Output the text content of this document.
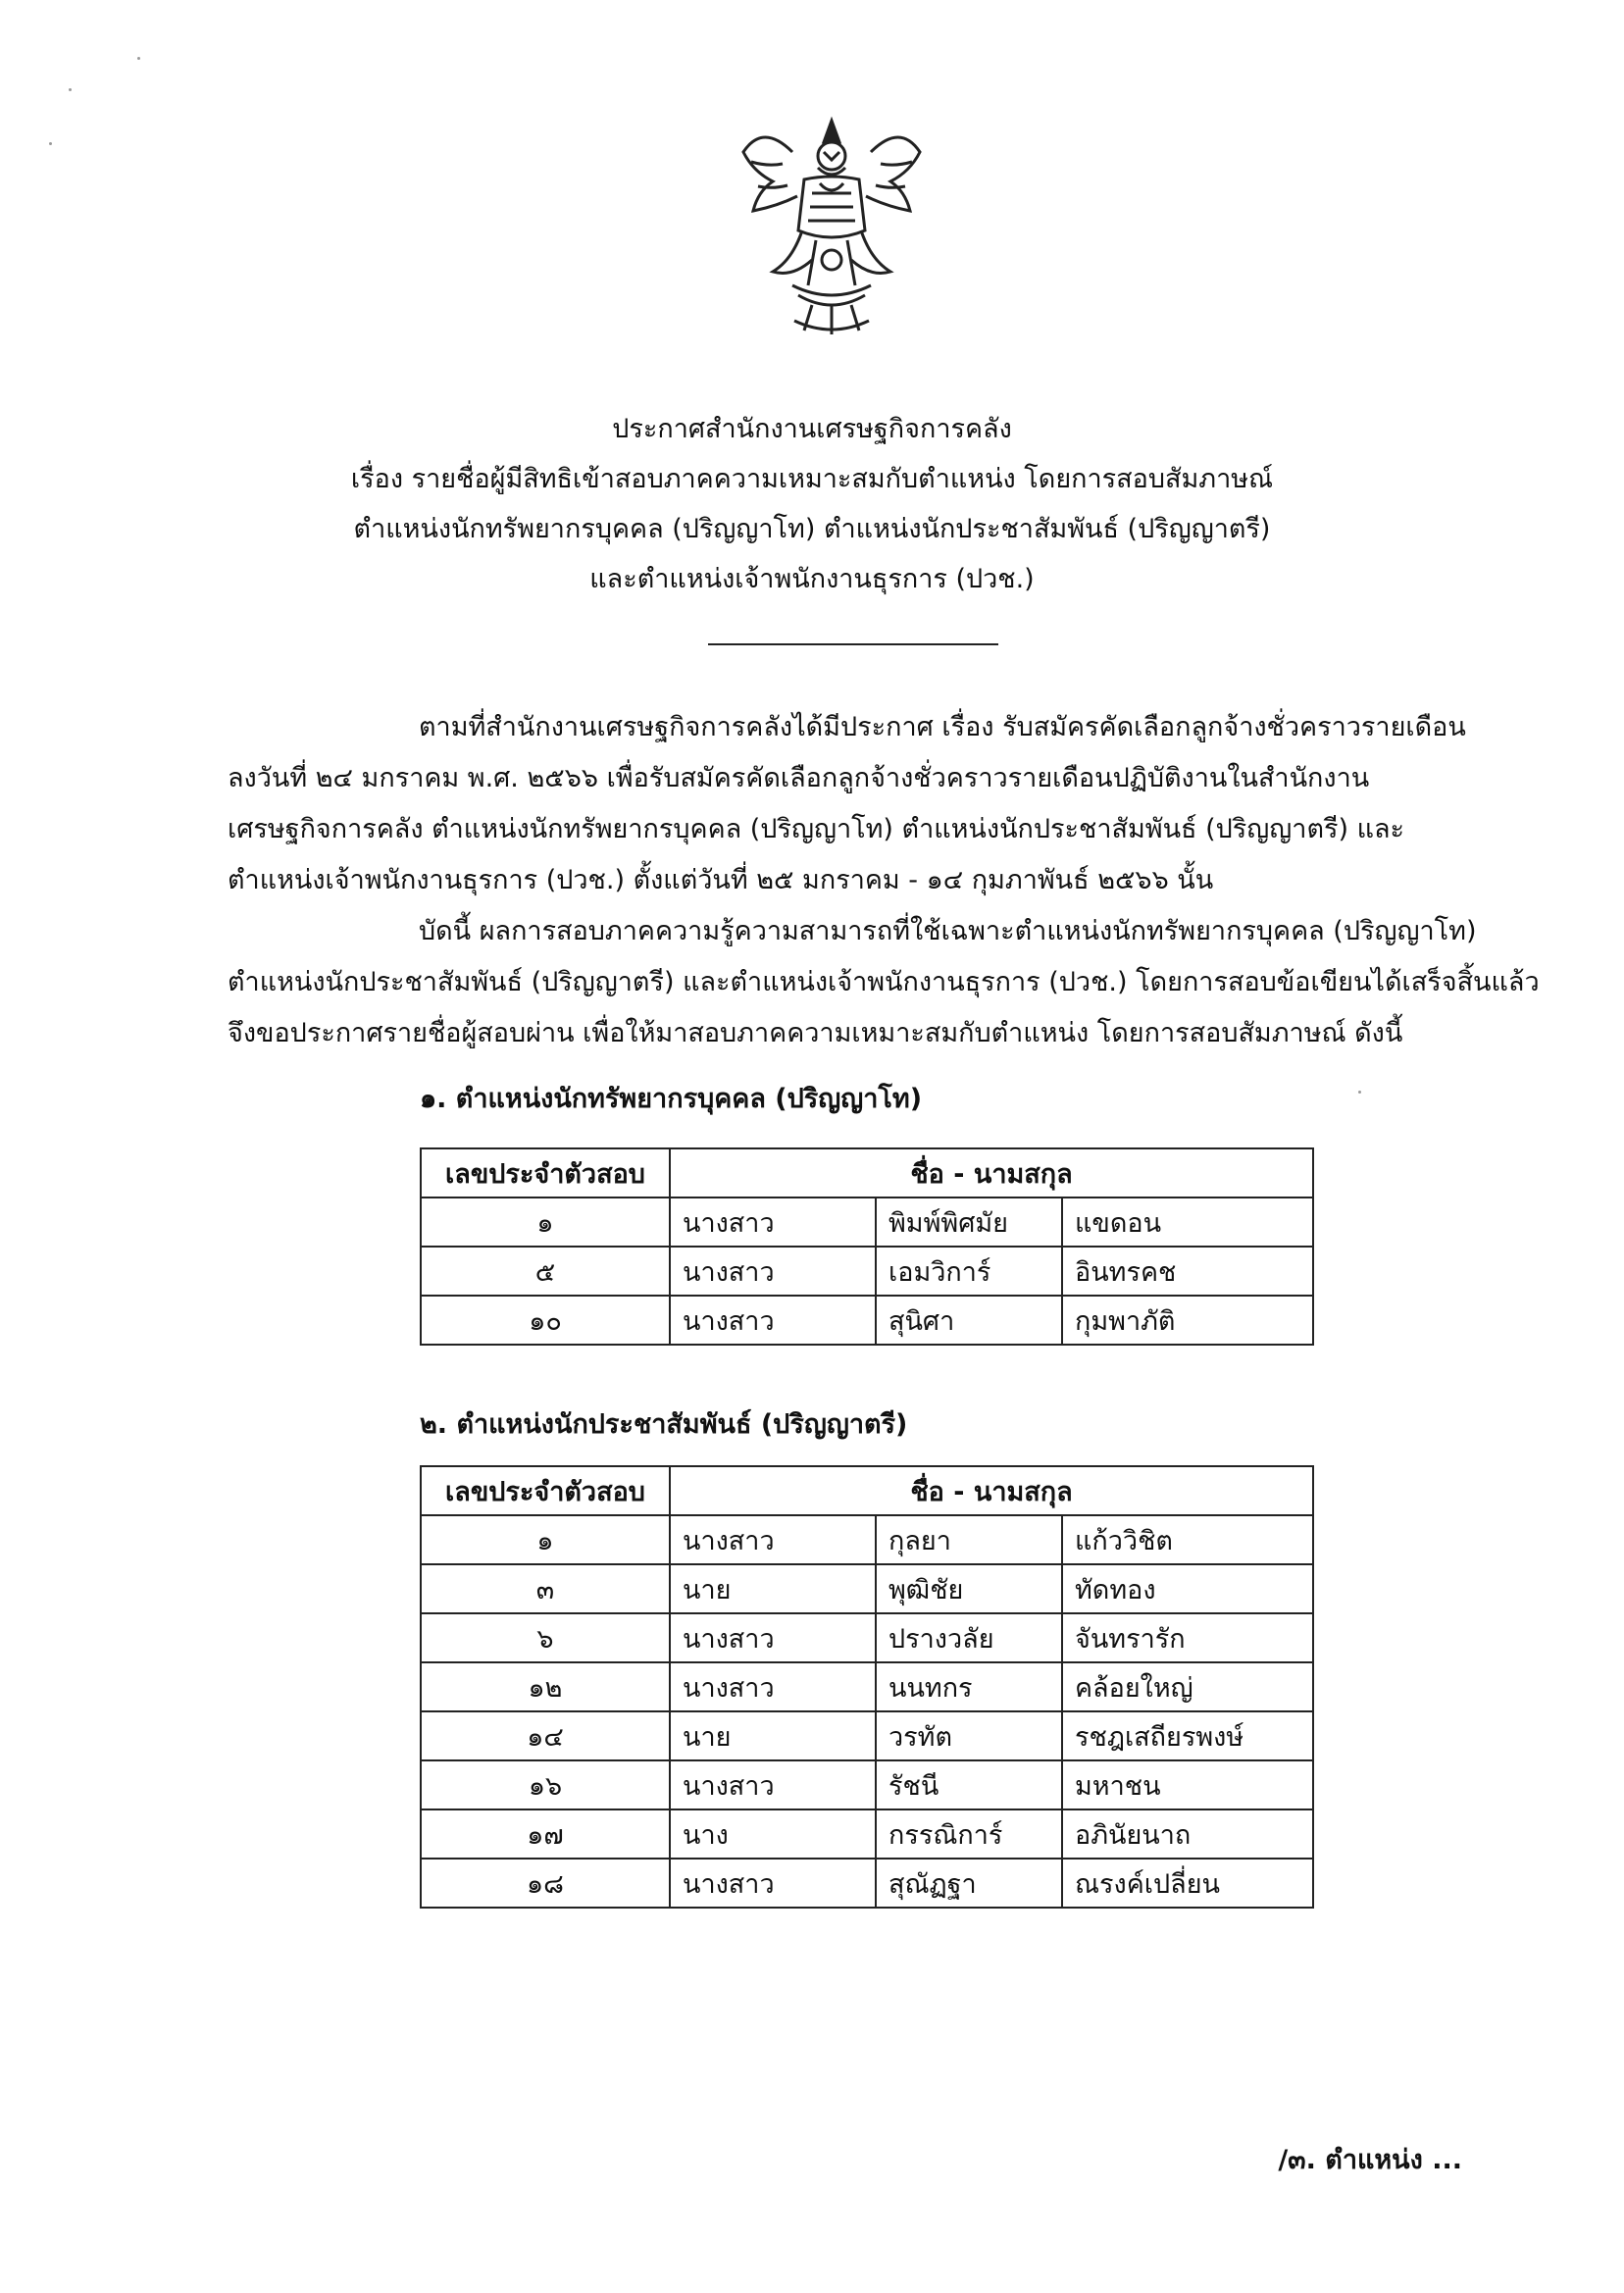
ประกาศสำนักงานเศรษฐกิจการคลัง
เรื่อง รายชื่อผู้มีสิทธิเข้าสอบภาคความเหมาะสมกับตำแหน่ง โดยการสอบสัมภาษณ์
ตำแหน่งนักทรัพยากรบุคคล (ปริญญาโท) ตำแหน่งนักประชาสัมพันธ์ (ปริญญาตรี)
และตำแหน่งเจ้าพนักงานธุรการ (ปวช.)
ตามที่สำนักงานเศรษฐกิจการคลังได้มีประกาศ เรื่อง รับสมัครคัดเลือกลูกจ้างชั่วคราวรายเดือน
ลงวันที่ ๒๔ มกราคม พ.ศ. ๒๕๖๖ เพื่อรับสมัครคัดเลือกลูกจ้างชั่วคราวรายเดือนปฏิบัติงานในสำนักงาน
เศรษฐกิจการคลัง ตำแหน่งนักทรัพยากรบุคคล (ปริญญาโท) ตำแหน่งนักประชาสัมพันธ์ (ปริญญาตรี) และ
ตำแหน่งเจ้าพนักงานธุรการ (ปวช.) ตั้งแต่วันที่ ๒๕ มกราคม - ๑๔ กุมภาพันธ์ ๒๕๖๖ นั้น
บัดนี้ ผลการสอบภาคความรู้ความสามารถที่ใช้เฉพาะตำแหน่งนักทรัพยากรบุคคล (ปริญญาโท)
ตำแหน่งนักประชาสัมพันธ์ (ปริญญาตรี) และตำแหน่งเจ้าพนักงานธุรการ (ปวช.) โดยการสอบข้อเขียนได้เสร็จสิ้นแล้ว
จึงขอประกาศรายชื่อผู้สอบผ่าน เพื่อให้มาสอบภาคความเหมาะสมกับตำแหน่ง โดยการสอบสัมภาษณ์ ดังนี้
๑. ตำแหน่งนักทรัพยากรบุคคล (ปริญญาโท)
เลขประจำตัวสอบ	ชื่อ - นามสกุล		
๑	นางสาว	พิมพ์พิศมัย	แขดอน
๕	นางสาว	เอมวิการ์	อินทรคช
๑๐	นางสาว	สุนิศา	กุมพาภัติ
๒. ตำแหน่งนักประชาสัมพันธ์ (ปริญญาตรี)
เลขประจำตัวสอบ	ชื่อ - นามสกุล		
๑	นางสาว	กุลยา	แก้ววิชิต
๓	นาย	พุฒิชัย	ทัดทอง
๖	นางสาว	ปรางวลัย	จันทรารัก
๑๒	นางสาว	นนทกร	คล้อยใหญ่
๑๔	นาย	วรทัต	รชฎเสถียรพงษ์
๑๖	นางสาว	รัชนี	มหาชน
๑๗	นาง	กรรณิการ์	อภินัยนาถ
๑๘	นางสาว	สุณัฏฐา	ณรงค์เปลี่ยน
/๓. ตำแหน่ง ...
